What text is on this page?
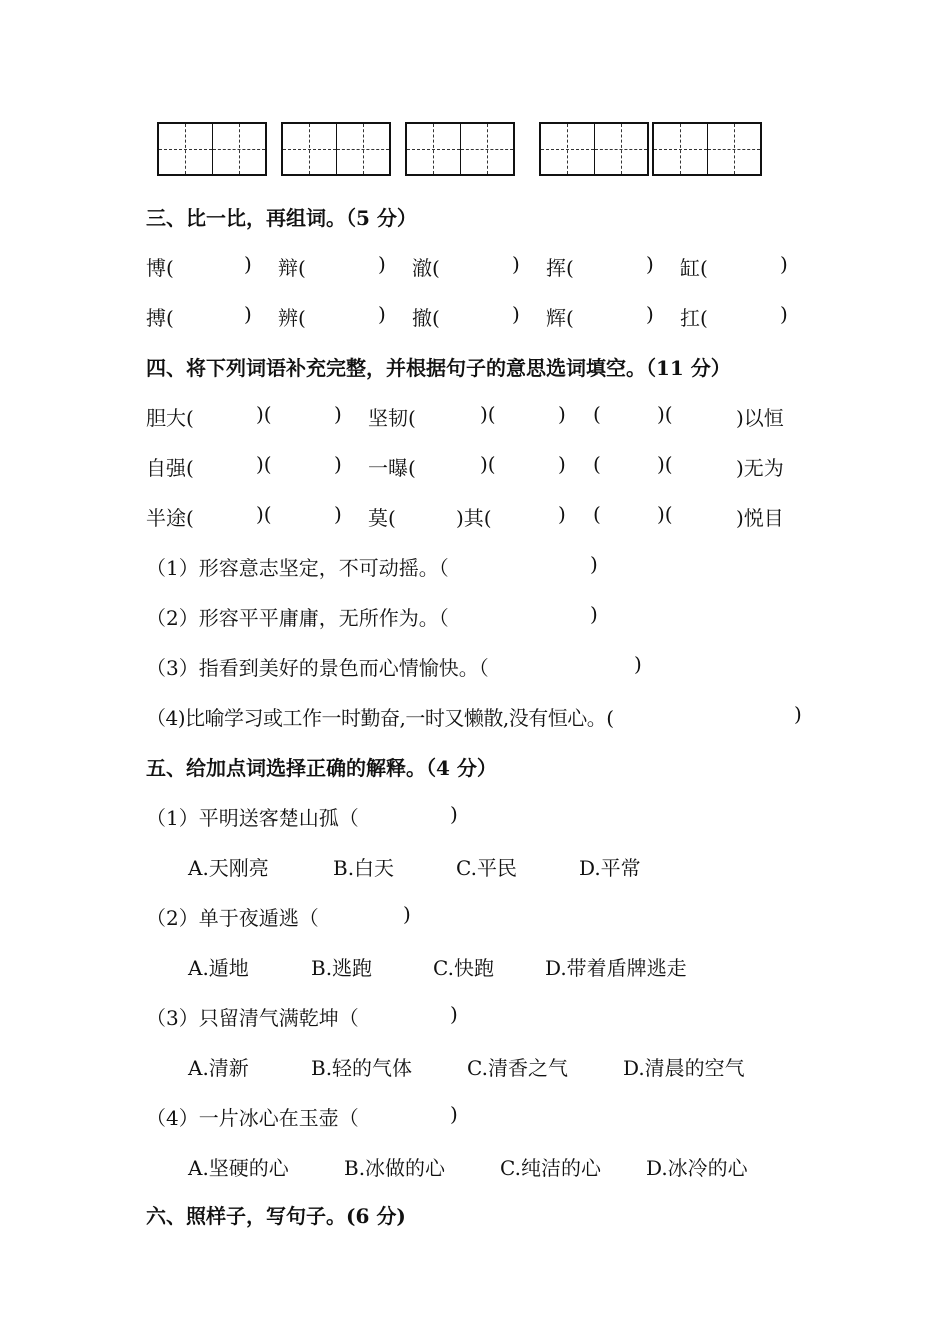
三、比一比，再组词。（5 分）
博(	) 辩(	) 澈(	) 挥(	) 缸(	)
搏(	) 辨(	) 撤(	) 辉(	) 扛(	)
四、将下列词语补充完整，并根据句子的意思选词填空。（11 分）
胆大(	)(	) 坚韧(	)(	) (	)(	)以恒
自强(	)(	) 一曝(	)(	) (	)(	)无为
半途(	)(	) 莫(	)其(	) (	)(	)悦目
（1）形容意志坚定，不可动摇。（	)
（2）形容平平庸庸，无所作为。（	)
（3）指看到美好的景色而心情愉快。（	)
（4)比喻学习或工作一时勤奋,一时又懒散,没有恒心。(	)
五、给加点词选择正确的解释。（4 分）
（1）平明送客楚山孤（	)
A.天刚亮	B.白天	C.平民	D.平常
（2）单于夜遁逃（	)
A.遁地	B.逃跑	C.快跑	D.带着盾牌逃走
（3）只留清气满乾坤（	)
A.清新	B.轻的气体	C.清香之气	D.清晨的空气
（4）一片冰心在玉壶（	)
A.坚硬的心	B.冰做的心	C.纯洁的心 D.冰冷的心
六、照样子，写句子。(6 分)
